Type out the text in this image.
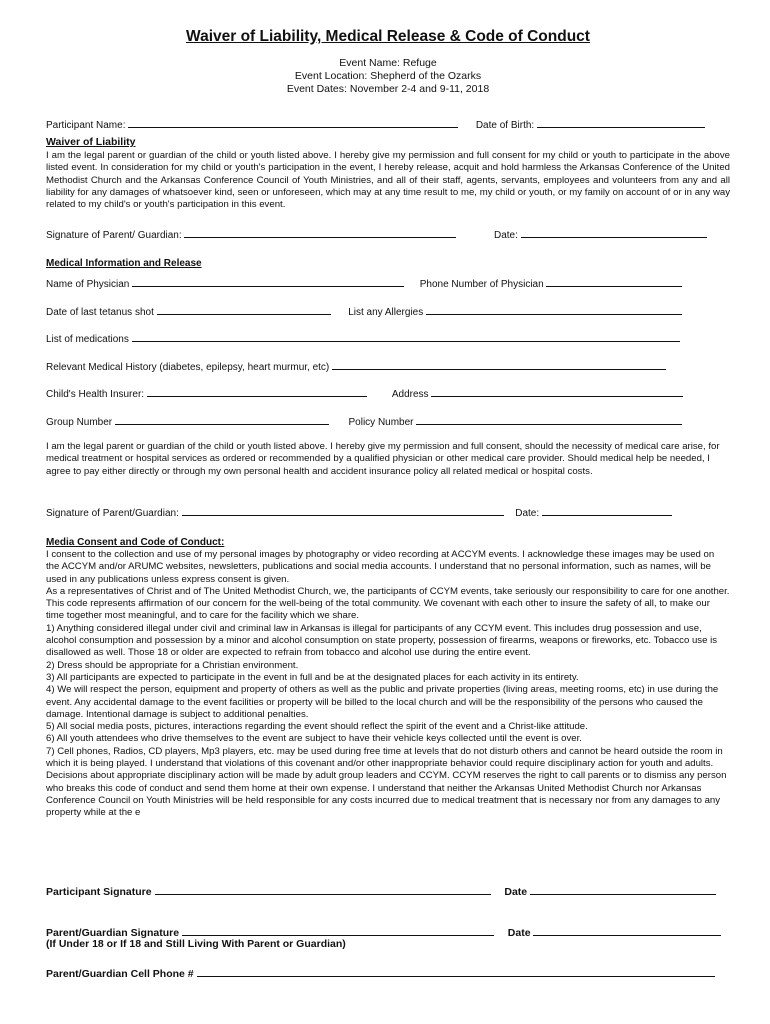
Waiver of Liability, Medical Release & Code of Conduct
Event Name: Refuge
Event Location: Shepherd of the Ozarks
Event Dates: November 2-4 and 9-11, 2018
Participant Name:	Date of Birth:
Waiver of Liability
I am the legal parent or guardian of the child or youth listed above. I hereby give my permission and full consent for my child or youth to participate in the above listed event. In consideration for my child or youth's participation in the event, I hereby release, acquit and hold harmless the Arkansas Conference of the United Methodist Church and the Arkansas Conference Council of Youth Ministries, and all of their staff, agents, servants, employees and volunteers from any and all liability for any damages of whatsoever kind, seen or unforeseen, which may at any time result to me, my child or youth, or my family on account of or in any way related to my child's or youth's participation in this event.
Signature of Parent/ Guardian:	Date:
Medical Information and Release
Name of Physician	Phone Number of Physician
Date of last tetanus shot	List any Allergies
List of medications
Relevant Medical History (diabetes, epilepsy, heart murmur, etc)
Child's Health Insurer:	Address
Group Number	Policy Number
I am the legal parent or guardian of the child or youth listed above. I hereby give my permission and full consent, should the necessity of medical care arise, for medical treatment or hospital services as ordered or recommended by a qualified physician or other medical care provider. Should medical help be needed, I agree to pay either directly or through my own personal health and accident insurance policy all related medical or hospital costs.
Signature of Parent/Guardian:	Date:
Media Consent and Code of Conduct:

I consent to the collection and use of my personal images by photography or video recording at ACCYM events. I acknowledge these images may be used on the ACCYM and/or ARUMC websites, newsletters, publications and social media accounts. I understand that no personal information, such as names, will be used in any publications unless express consent is given.

As a representatives of Christ and of The United Methodist Church, we, the participants of CCYM events, take seriously our responsibility to care for one another. This code represents affirmation of our concern for the well-being of the total community. We covenant with each other to insure the safety of all, to make our time together most meaningful, and to care for the facility which we share.

1) Anything considered illegal under civil and criminal law in Arkansas is illegal for participants of any CCYM event. This includes drug possession and use, alcohol consumption and possession by a minor and alcohol consumption on state property, possession of firearms, weapons or fireworks, etc. Tobacco use is disallowed as well. Those 18 or older are expected to refrain from tobacco and alcohol use during the entire event.

2) Dress should be appropriate for a Christian environment.

3) All participants are expected to participate in the event in full and be at the designated places for each activity in its entirety.

4) We will respect the person, equipment and property of others as well as the public and private properties (living areas, meeting rooms, etc) in use during the event. Any accidental damage to the event facilities or property will be billed to the local church and will be the responsibility of the persons who caused the damage. Intentional damage is subject to additional penalties.

5) All social media posts, pictures, interactions regarding the event should reflect the spirit of the event and a Christ-like attitude.

6) All youth attendees who drive themselves to the event are subject to have their vehicle keys collected until the event is over.

7) Cell phones, Radios, CD players, Mp3 players, etc. may be used during free time at levels that do not disturb others and cannot be heard outside the room in which it is being played. I understand that violations of this covenant and/or other inappropriate behavior could require disciplinary action for youth and adults. Decisions about appropriate disciplinary action will be made by adult group leaders and CCYM. CCYM reserves the right to call parents or to dismiss any person who breaks this code of conduct and send them home at their own expense. I understand that neither the Arkansas United Methodist Church nor Arkansas Conference Council on Youth Ministries will be held responsible for any costs incurred due to medical treatment that is necessary nor from any damages to any property while at the e

Participant Signature	Date
Parent/Guardian Signature	Date
(If Under 18 or If 18 and Still Living With Parent or Guardian)
Parent/Guardian Cell Phone #
